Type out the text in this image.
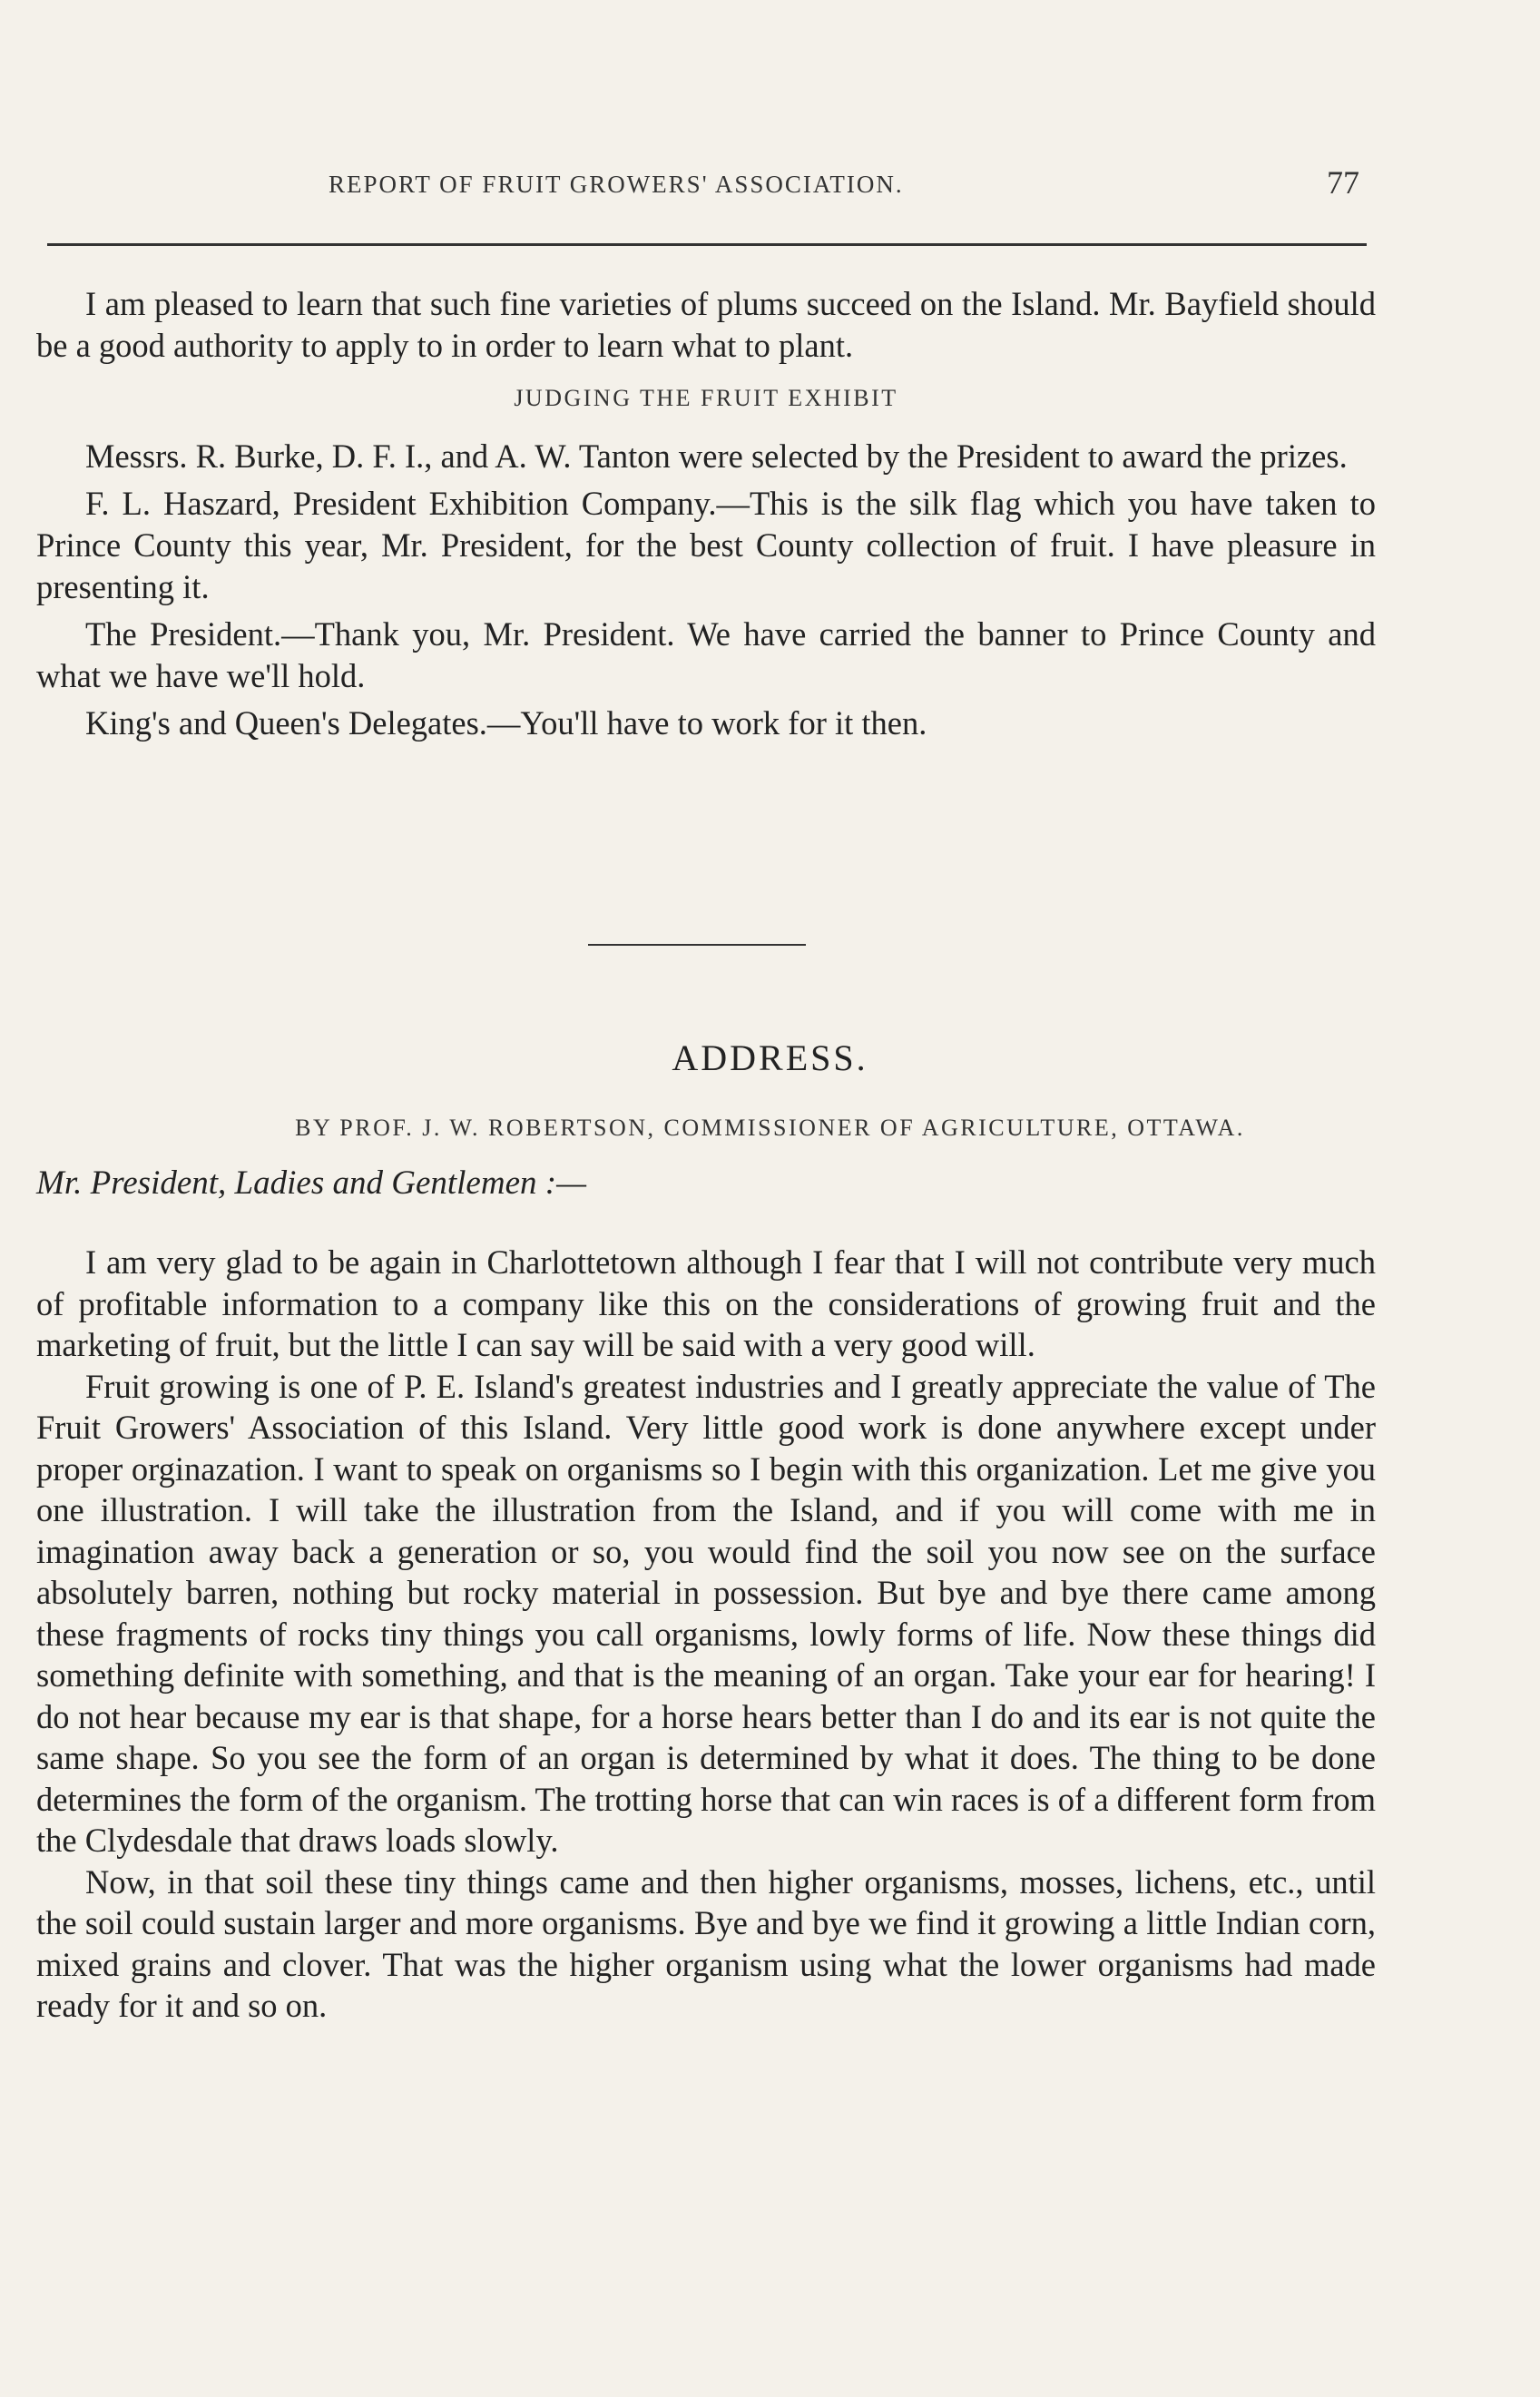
REPORT OF FRUIT GROWERS' ASSOCIATION.	77

I am pleased to learn that such fine varieties of plums succeed on the Island. Mr. Bayfield should be a good authority to apply to in order to learn what to plant.

JUDGING THE FRUIT EXHIBIT

Messrs. R. Burke, D. F. I., and A. W. Tanton were selected by the President to award the prizes.

F. L. Haszard, President Exhibition Company.—This is the silk flag which you have taken to Prince County this year, Mr. President, for the best County collection of fruit. I have pleasure in presenting it.

The President.—Thank you, Mr. President. We have carried the banner to Prince County and what we have we'll hold.

King's and Queen's Delegates.—You'll have to work for it then.

ADDRESS.
BY PROF. J. W. ROBERTSON, COMMISSIONER OF AGRICULTURE, OTTAWA.
Mr. President, Ladies and Gentlemen :—

I am very glad to be again in Charlottetown although I fear that I will not contribute very much of profitable information to a company like this on the considerations of growing fruit and the marketing of fruit, but the little I can say will be said with a very good will.

Fruit growing is one of P. E. Island's greatest industries and I greatly appreciate the value of The Fruit Growers' Association of this Island. Very little good work is done anywhere except under proper orginazation. I want to speak on organisms so I begin with this organization. Let me give you one illustration. I will take the illustration from the Island, and if you will come with me in imagination away back a generation or so, you would find the soil you now see on the surface absolutely barren, nothing but rocky material in possession. But bye and bye there came among these fragments of rocks tiny things you call organisms, lowly forms of life. Now these things did something definite with something, and that is the meaning of an organ. Take your ear for hearing! I do not hear because my ear is that shape, for a horse hears better than I do and its ear is not quite the same shape. So you see the form of an organ is determined by what it does. The thing to be done determines the form of the organism. The trotting horse that can win races is of a different form from the Clydesdale that draws loads slowly.

Now, in that soil these tiny things came and then higher organisms, mosses, lichens, etc., until the soil could sustain larger and more organisms. Bye and bye we find it growing a little Indian corn, mixed grains and clover. That was the higher organism using what the lower organisms had made ready for it and so on.
